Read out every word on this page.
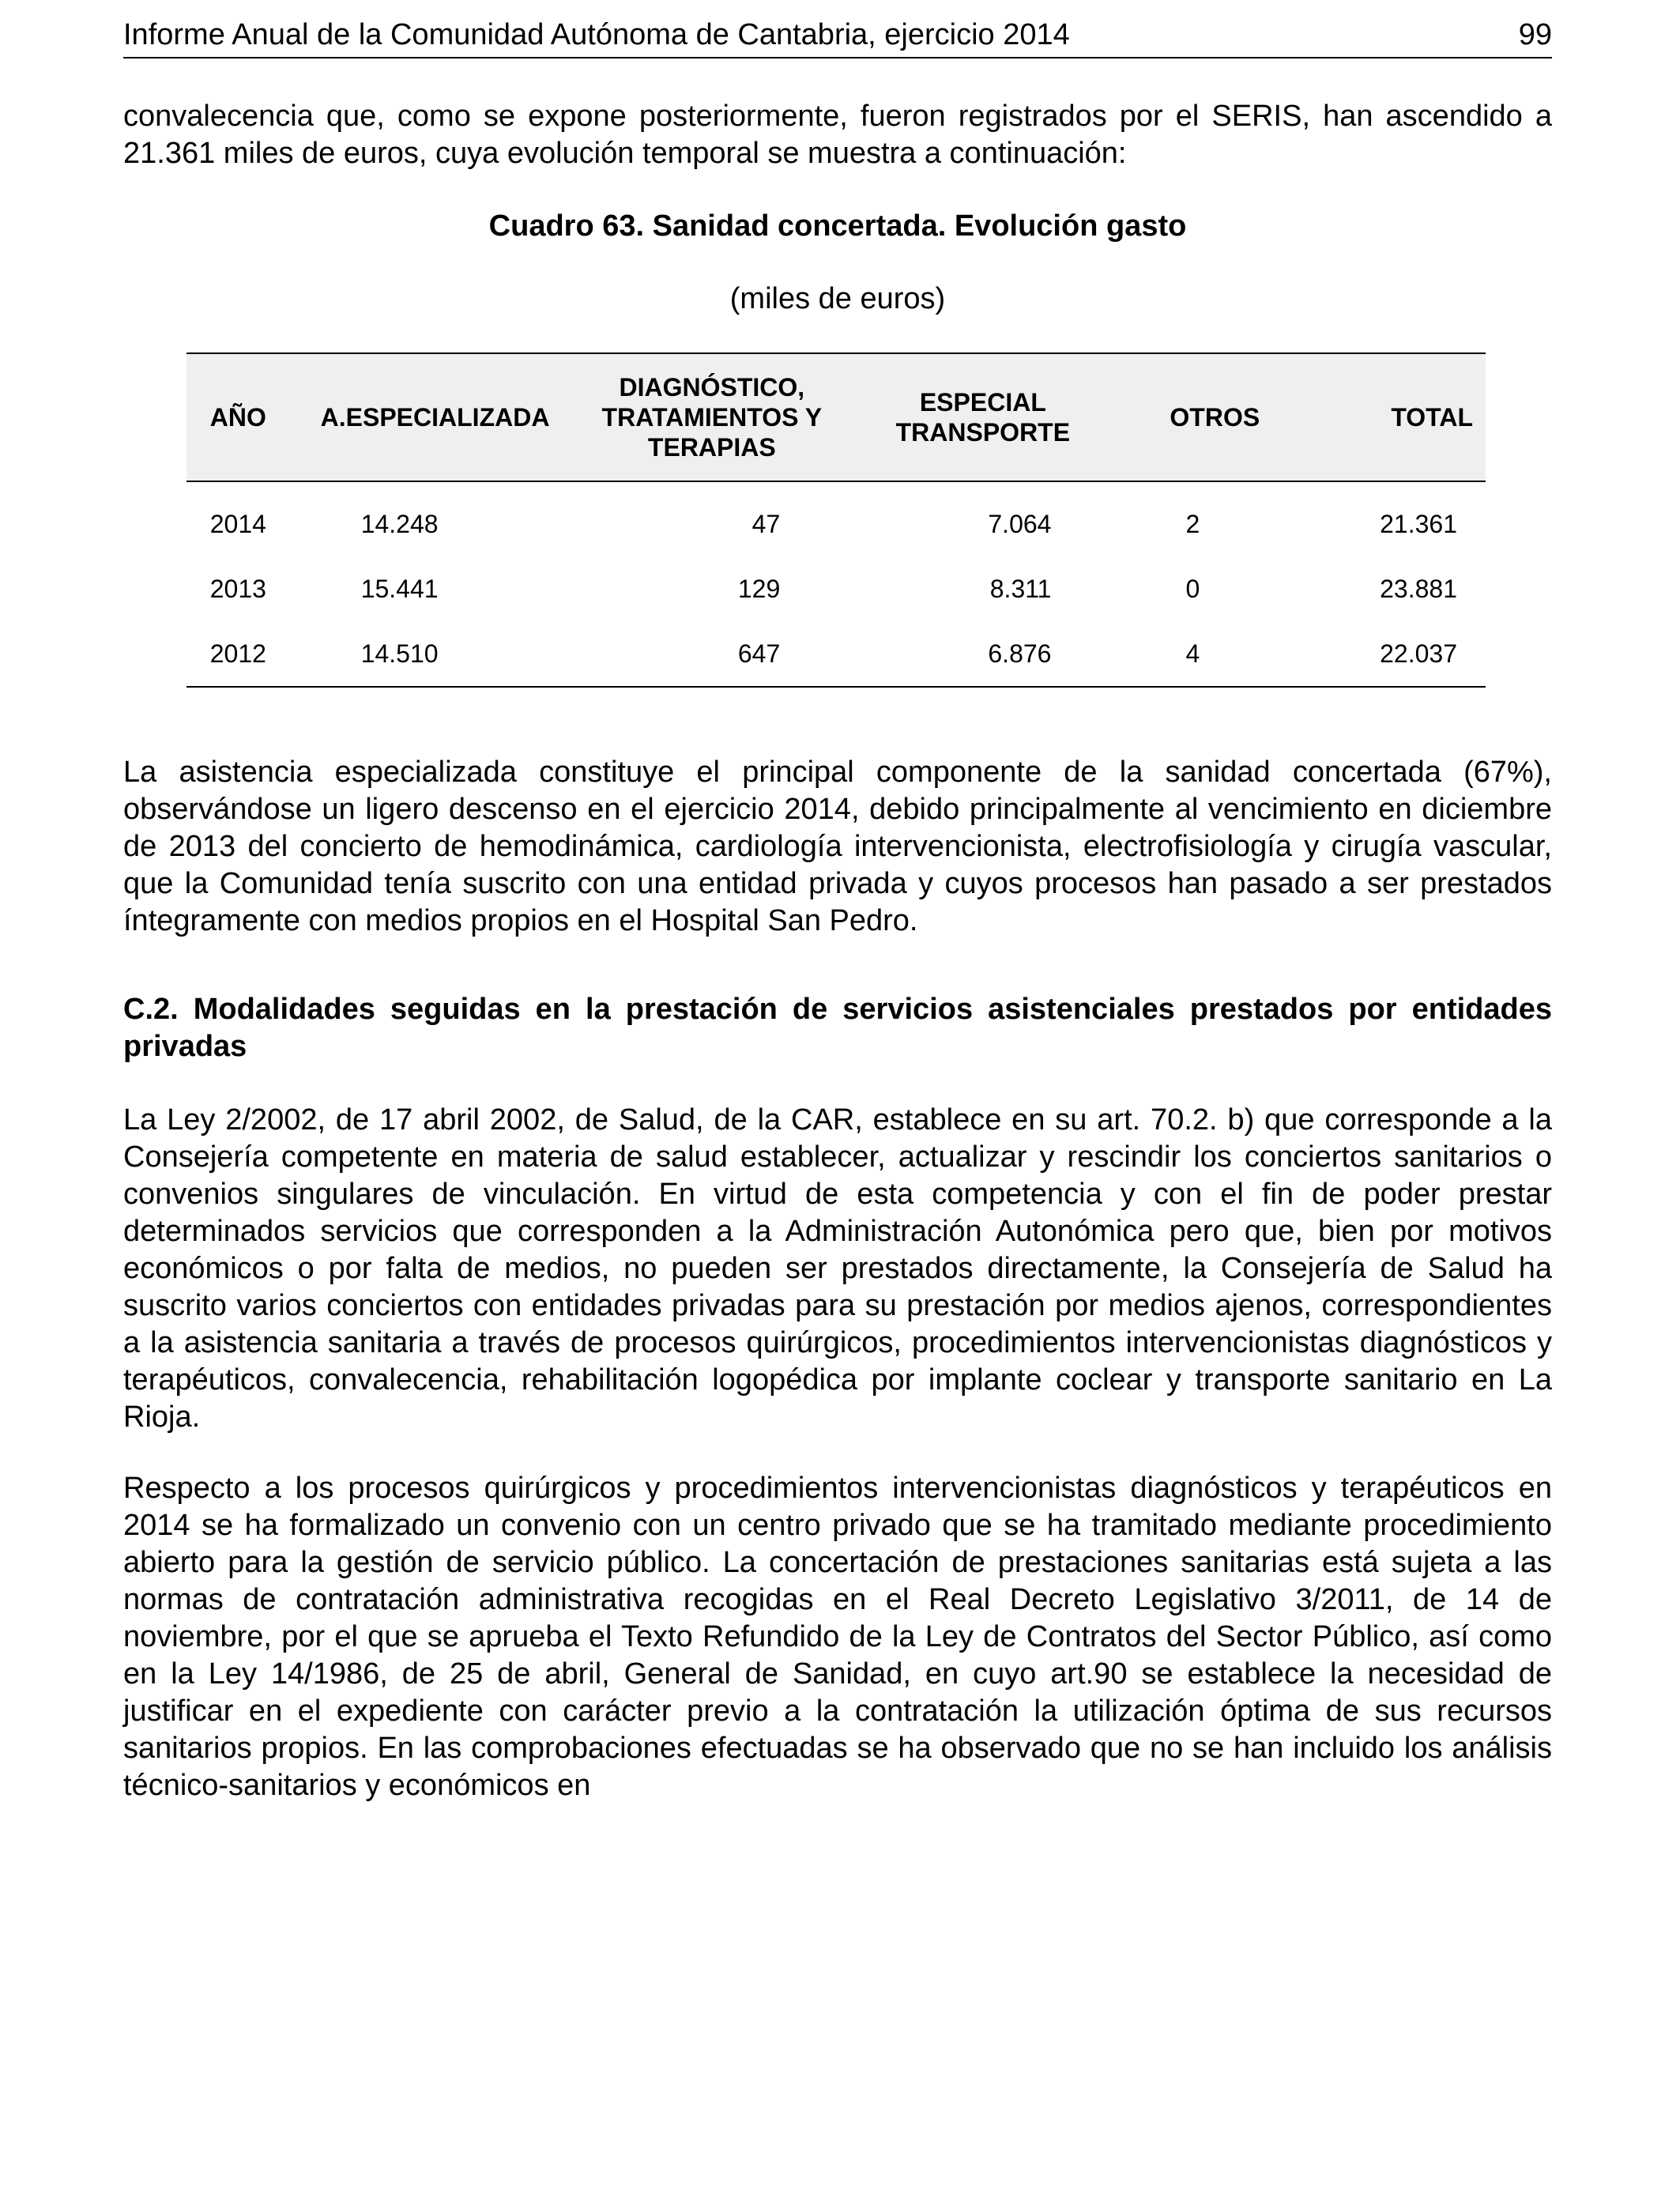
Informe Anual de la Comunidad Autónoma de Cantabria, ejercicio 2014	99

convalecencia que, como se expone posteriormente, fueron registrados por el SERIS, han ascendido a 21.361 miles de euros, cuya evolución temporal se muestra a continuación:

Cuadro 63. Sanidad concertada. Evolución gasto

(miles de euros)

AÑO	A.ESPECIALIZADA	DIAGNÓSTICO,
TRATAMIENTOS Y
TERAPIAS	ESPECIAL
TRANSPORTE	OTROS	TOTAL
2014	14.248	47	7.064	2	21.361
2013	15.441	129	8.311	0	23.881
2012	14.510	647	6.876	4	22.037

La asistencia especializada constituye el principal componente de la sanidad concertada (67%), observándose un ligero descenso en el ejercicio 2014, debido principalmente al vencimiento en diciembre de 2013 del concierto de hemodinámica, cardiología intervencionista, electrofisiología y cirugía vascular, que la Comunidad tenía suscrito con una entidad privada y cuyos procesos han pasado a ser prestados íntegramente con medios propios en el Hospital San Pedro.

C.2. Modalidades seguidas en la prestación de servicios asistenciales prestados por entidades privadas

La Ley 2/2002, de 17 abril 2002, de Salud, de la CAR, establece en su art. 70.2. b) que corresponde a la Consejería competente en materia de salud establecer, actualizar y rescindir los conciertos sanitarios o convenios singulares de vinculación. En virtud de esta competencia y con el fin de poder prestar determinados servicios que corresponden a la Administración Autonómica pero que, bien por motivos económicos o por falta de medios, no pueden ser prestados directamente, la Consejería de Salud ha suscrito varios conciertos con entidades privadas para su prestación por medios ajenos, correspondientes a la asistencia sanitaria a través de procesos quirúrgicos, procedimientos intervencionistas diagnósticos y terapéuticos, convalecencia, rehabilitación logopédica por implante coclear y transporte sanitario en La Rioja.

Respecto a los procesos quirúrgicos y procedimientos intervencionistas diagnósticos y terapéuticos en 2014 se ha formalizado un convenio con un centro privado que se ha tramitado mediante procedimiento abierto para la gestión de servicio público. La concertación de prestaciones sanitarias está sujeta a las normas de contratación administrativa recogidas en el Real Decreto Legislativo 3/2011, de 14 de noviembre, por el que se aprueba el Texto Refundido de la Ley de Contratos del Sector Público, así como en la Ley 14/1986, de 25 de abril, General de Sanidad, en cuyo art.90 se establece la necesidad de justificar en el expediente con carácter previo a la contratación la utilización óptima de sus recursos sanitarios propios. En las comprobaciones efectuadas se ha observado que no se han incluido los análisis técnico-sanitarios y económicos en
